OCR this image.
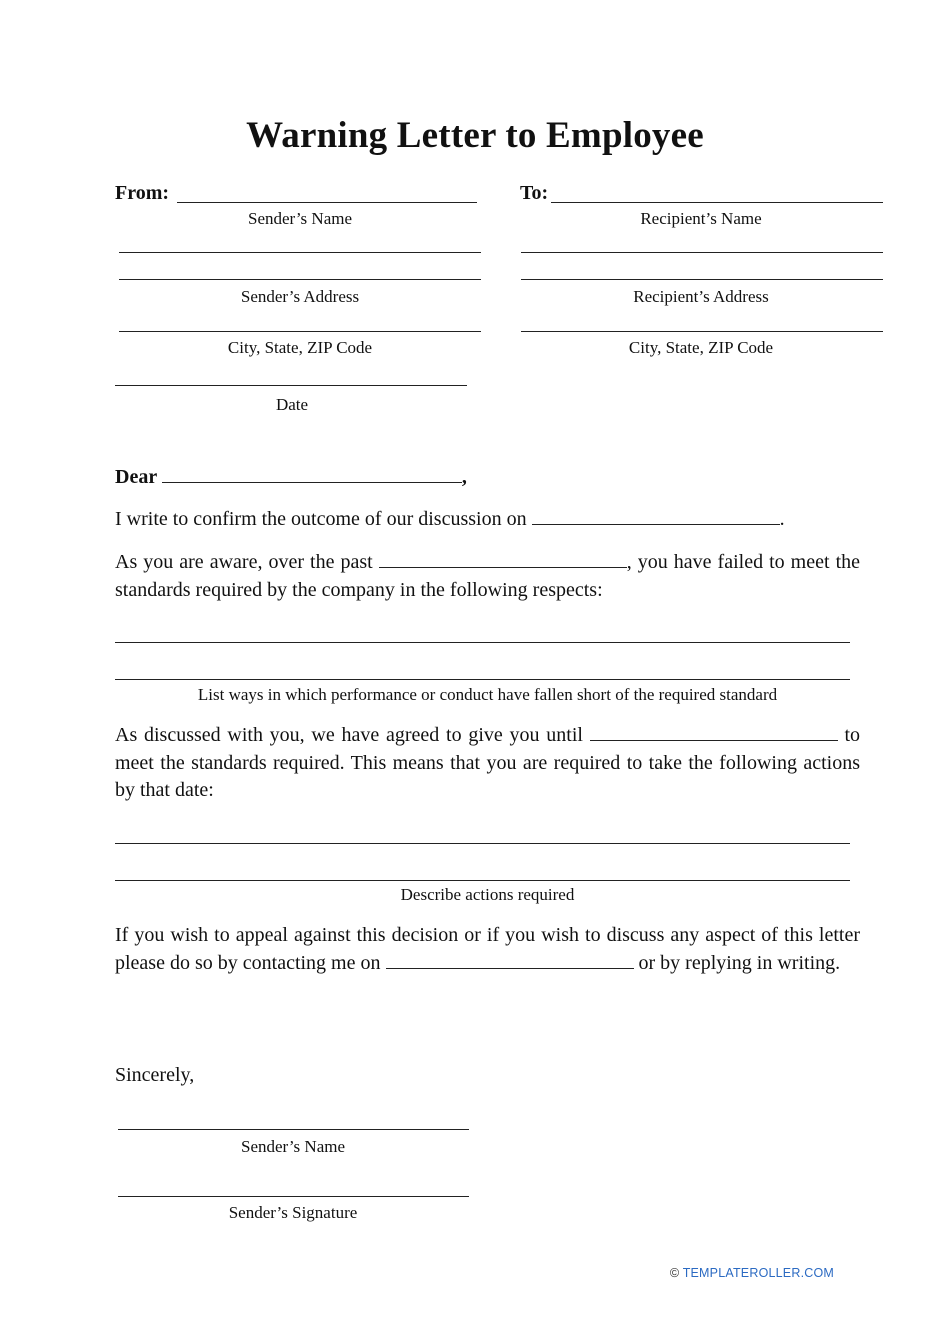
Warning Letter to Employee
From:
Sender’s Name
To:
Recipient’s Name
Sender’s Address	Recipient’s Address
City, State, ZIP Code	City, State, ZIP Code
Date
Dear	,
I write to confirm the outcome of our discussion on	.
As you are aware, over the past	, you have failed to meet the standards required by the company in the following respects:
List ways in which performance or conduct have fallen short of the required standard
As discussed with you, we have agreed to give you until	to meet the standards required. This means that you are required to take the following actions by that date:
Describe actions required
If you wish to appeal against this decision or if you wish to discuss any aspect of this letter please do so by contacting me on	or by replying in writing.
Sincerely,
Sender’s Name
Sender’s Signature
© TEMPLATEROLLER.COM
